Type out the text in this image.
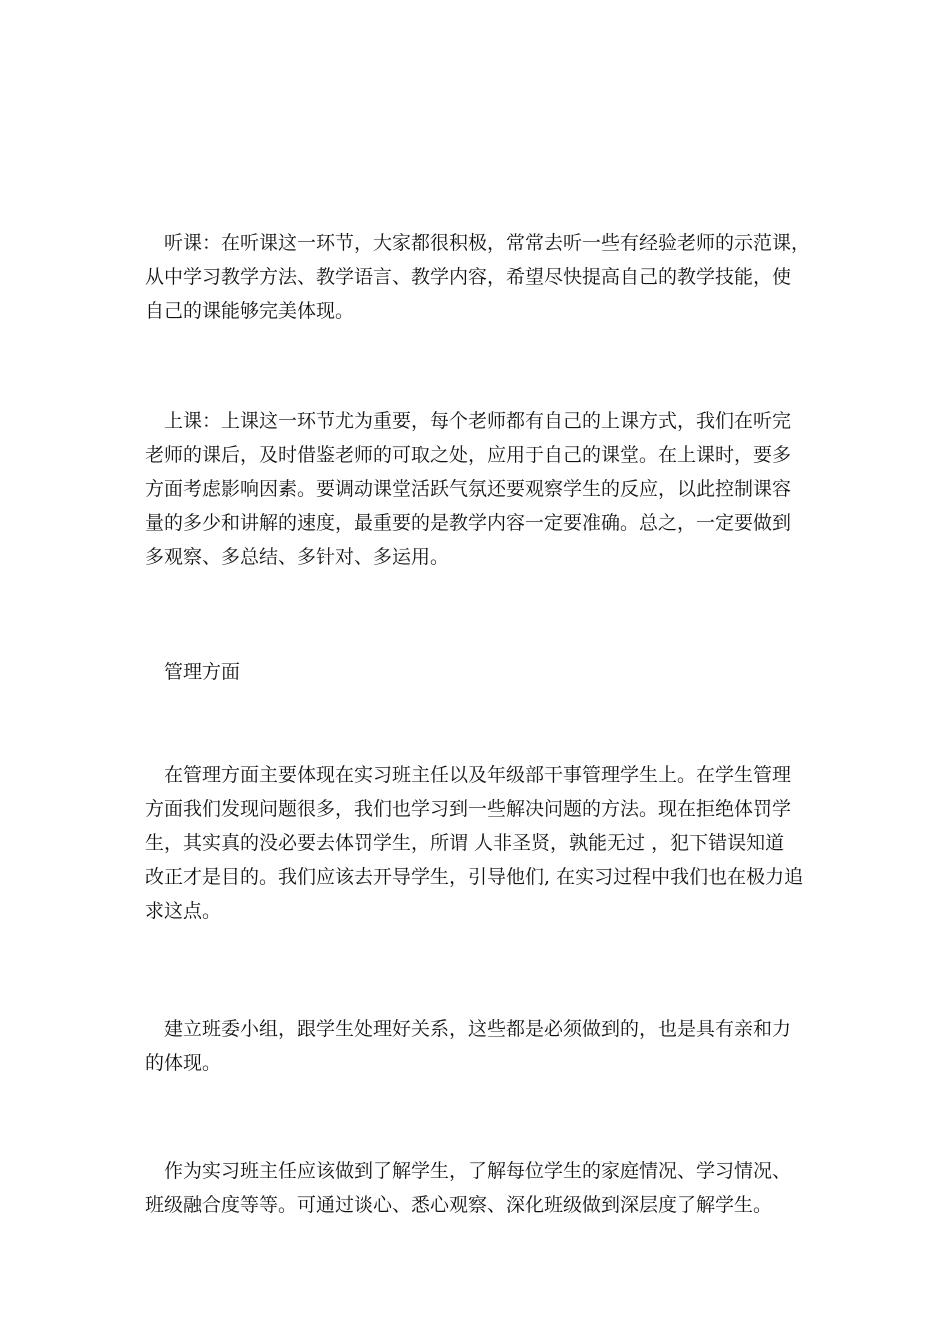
听课：在听课这一环节，大家都很积极，常常去听一些有经验老师的示范课，
从中学习教学方法、教学语言、教学内容，希望尽快提高自己的教学技能，使
自己的课能够完美体现。

上课：上课这一环节尤为重要，每个老师都有自己的上课方式，我们在听完
老师的课后，及时借鉴老师的可取之处，应用于自己的课堂。在上课时，要多
方面考虑影响因素。要调动课堂活跃气氛还要观察学生的反应，以此控制课容
量的多少和讲解的速度，最重要的是教学内容一定要准确。总之，一定要做到
多观察、多总结、多针对、多运用。

管理方面

在管理方面主要体现在实习班主任以及年级部干事管理学生上。在学生管理
方面我们发现问题很多，我们也学习到一些解决问题的方法。现在拒绝体罚学
生，其实真的没必要去体罚学生，所谓 人非圣贤，孰能无过 ，犯下错误知道
改正才是目的。我们应该去开导学生，引导他们, 在实习过程中我们也在极力追
求这点。

建立班委小组，跟学生处理好关系，这些都是必须做到的，也是具有亲和力
的体现。

作为实习班主任应该做到了解学生，了解每位学生的家庭情况、学习情况、
班级融合度等等。可通过谈心、悉心观察、深化班级做到深层度了解学生。
